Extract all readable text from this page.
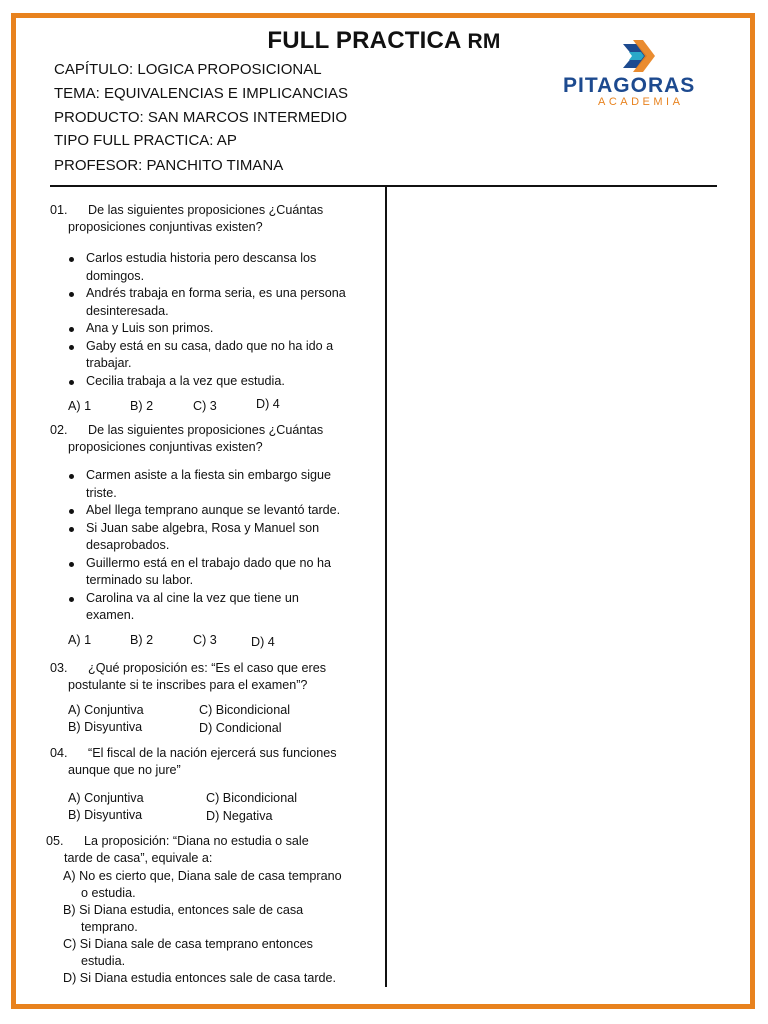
FULL PRACTICA RM
CAPÍTULO: LOGICA PROPOSICIONAL
TEMA: EQUIVALENCIAS E IMPLICANCIAS
PRODUCTO: SAN MARCOS INTERMEDIO
TIPO FULL PRACTICA: AP
PROFESOR: PANCHITO TIMANA
PITAGORAS
ACADEMIA
01. De las siguientes proposiciones ¿Cuántas
proposiciones conjuntivas existen?
Carlos estudia historia pero descansa los
domingos.
Andrés trabaja en forma seria, es una persona
desinteresada.
Ana y Luis son primos.
Gaby está en su casa, dado que no ha ido a
trabajar.
Cecilia trabaja a la vez que estudia.
A) 1	B) 2	C) 3	D) 4
02. De las siguientes proposiciones ¿Cuántas
proposiciones conjuntivas existen?
Carmen asiste a la fiesta sin embargo sigue
triste.
Abel llega temprano aunque se levantó tarde.
Si Juan sabe algebra, Rosa y Manuel son
desaprobados.
Guillermo está en el trabajo dado que no ha
terminado su labor.
Carolina va al cine la vez que tiene un
examen.
A) 1	B) 2	C) 3	D) 4
03. ¿Qué proposición es: “Es el caso que eres
postulante si te inscribes para el examen”?
A) Conjuntiva
B) Disyuntiva
C) Bicondicional
D) Condicional
04. “El fiscal de la nación ejercerá sus funciones
aunque que no jure”
A) Conjuntiva
B) Disyuntiva
C) Bicondicional
D) Negativa
05. La proposición: “Diana no estudia o sale
tarde de casa”, equivale a:
A) No es cierto que, Diana sale de casa temprano
o estudia.
B) Si Diana estudia, entonces sale de casa
temprano.
C) Si Diana sale de casa temprano entonces
estudia.
D) Si Diana estudia entonces sale de casa tarde.
